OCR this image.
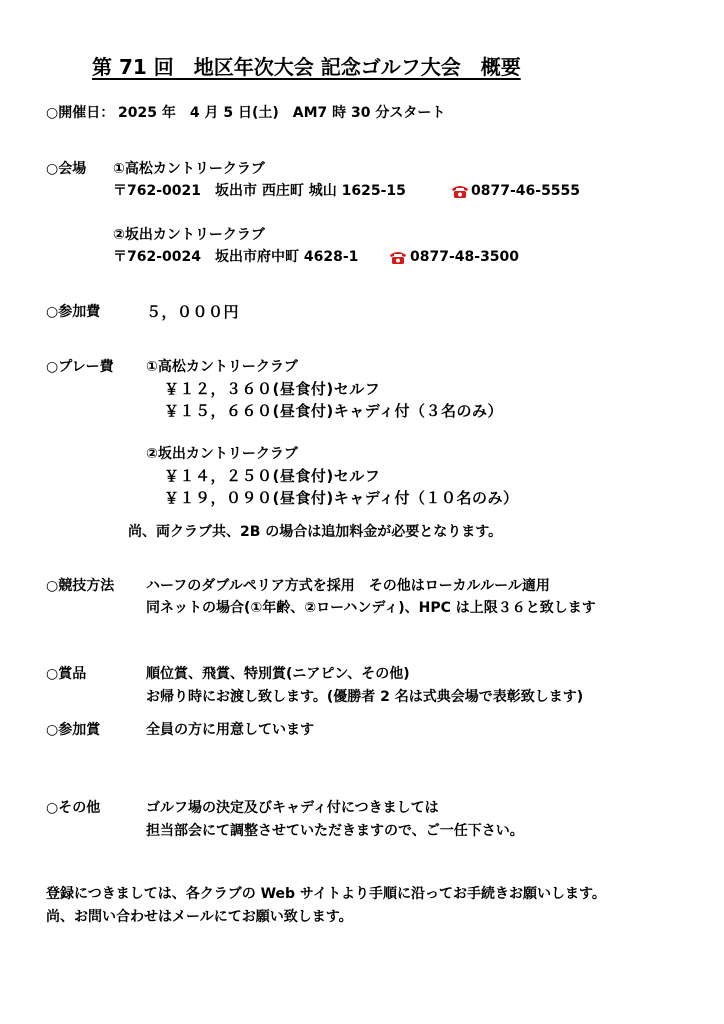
第 71 回　地区年次大会 記念ゴルフ大会　概要
○開催日： 2025 年　4 月 5 日(土)　AM7 時 30 分スタート
○会場 ①高松カントリークラブ
〒762-0021　坂出市 西庄町 城山 1625-15	0877-46-5555
②坂出カントリークラブ
〒762-0024　坂出市府中町 4628-1	0877-48-3500
○参加費	５，０００円
○プレー費 ①高松カントリークラブ
￥１２，３６０(昼食付)セルフ
￥１５，６６０(昼食付)キャディ付（３名のみ）
②坂出カントリークラブ
￥１４，２５０(昼食付)セルフ
￥１９，０９０(昼食付)キャディ付（１０名のみ）
尚、両クラブ共、2B の場合は追加料金が必要となります。
○競技方法 ハーフのダブルペリア方式を採用　その他はローカルルール適用
同ネットの場合(①年齢、②ローハンディ)、HPC は上限３６と致します
○賞品	順位賞、飛賞、特別賞(ニアピン、その他)
お帰り時にお渡し致します。(優勝者 2 名は式典会場で表彰致します)
○参加賞	全員の方に用意しています
○その他	ゴルフ場の決定及びキャディ付につきましては
担当部会にて調整させていただきますので、ご一任下さい。
登録につきましては、各クラブの Web サイトより手順に沿ってお手続きお願いします。
尚、お問い合わせはメールにてお願い致します。
